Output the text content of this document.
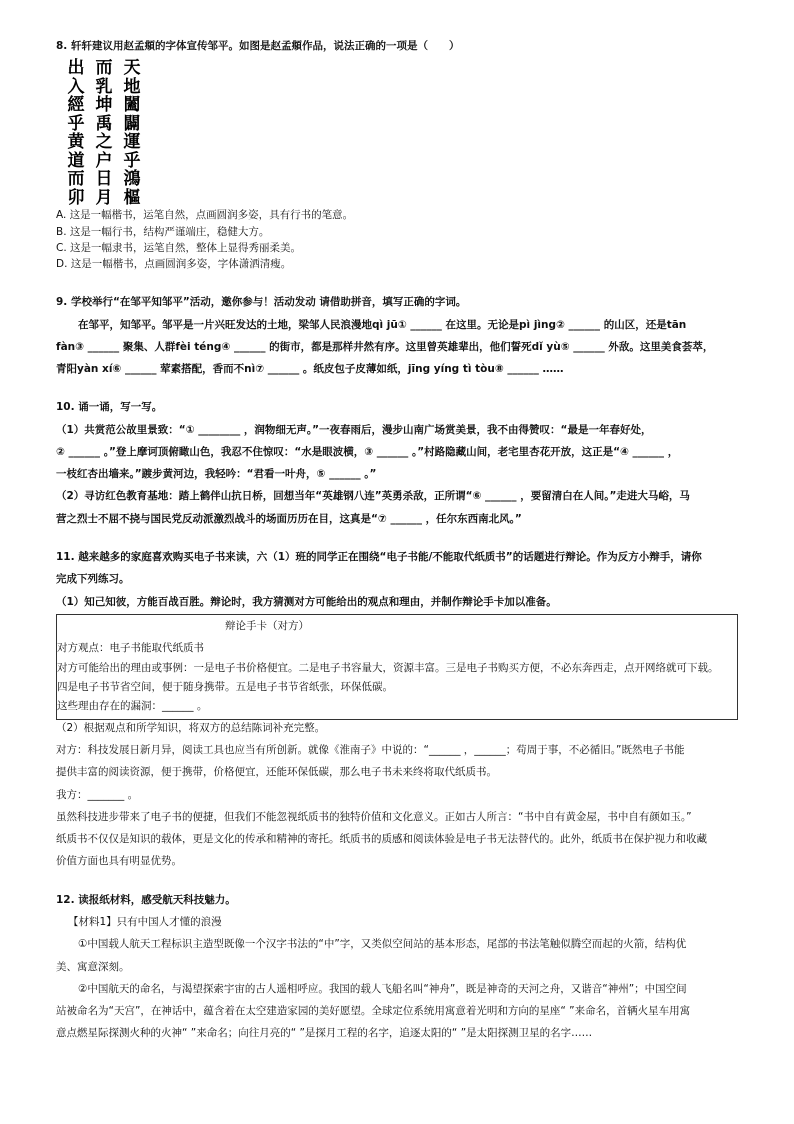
8. 轩轩建议用赵孟頫的字体宣传邹平。如图是赵孟頫作品，说法正确的一项是（　　）

天
地
闔
闢
運
乎
鴻
樞
而
乳
坤
禹
之
户
日
月
出
入
經
乎
黄
道
而
卯

A. 这是一幅楷书，运笔自然，点画圆润多姿，具有行书的笔意。

B. 这是一幅行书，结构严谨端庄，稳健大方。

C. 这是一幅隶书，运笔自然，整体上显得秀丽柔美。

D. 这是一幅楷书，点画圆润多姿，字体潇洒清瘦。

9. 学校举行“在邹平知邹平”活动，邀你参与！活动发动 请借助拼音，填写正确的字词。

在邹平，知邹平。邹平是一片兴旺发达的土地，梁邹人民浪漫地qì jū① ______ 在这里。无论是pì jìng② ______ 的山区，还是tān

fàn③ ______ 聚集、人群fèi téng④ ______ 的街市，都是那样井然有序。这里曾英雄辈出，他们誓死dǐ yù⑤ ______ 外敌。这里美食荟萃，

青阳yàn xí⑥ ______ 荤素搭配，香而不nì⑦ ______ 。纸皮包子皮薄如纸，jīng yíng tì tòu⑧ ______ ……

10. 诵一诵，写一写。

（1）共赏范公故里景致：“① ________ ，润物细无声。”一夜春雨后，漫步山南广场赏美景，我不由得赞叹：“最是一年春好处，

② ______ 。”登上摩诃顶俯瞰山色，我忍不住惊叹：“水是眼波横，③ ______ 。”村路隐藏山间，老宅里杏花开放，这正是“④ ______ ，

一枝红杏出墙来。”踱步黄河边，我轻吟：“君看一叶舟，⑤ ______ 。”

（2）寻访红色教育基地：踏上鹤伴山抗日桥，回想当年“英雄钢八连”英勇杀敌，正所谓“⑥ ______ ，要留清白在人间。”走进大马峪，马

营之烈士不屈不挠与国民党反动派激烈战斗的场面历历在目，这真是“⑦ ______ ，任尔东西南北风。”

11. 越来越多的家庭喜欢购买电子书来读，六（1）班的同学正在围绕“电子书能/不能取代纸质书”的话题进行辩论。作为反方小辩手，请你

完成下列练习。

（1）知己知彼，方能百战百胜。辩论时，我方猜测对方可能给出的观点和理由，并制作辩论手卡加以准备。

辩论手卡（对方）

对方观点：电子书能取代纸质书

对方可能给出的理由或事例：一是电子书价格便宜。二是电子书容量大，资源丰富。三是电子书购买方便，不必东奔西走，点开网络就可下载。

四是电子书节省空间，便于随身携带。五是电子书节省纸张，环保低碳。

这些理由存在的漏洞：______ 。

（2）根据观点和所学知识，将双方的总结陈词补充完整。

对方：科技发展日新月异，阅读工具也应当有所创新。就像《淮南子》中说的：“______ ，______；苟周于事，不必循旧。”既然电子书能

提供丰富的阅读资源，便于携带，价格便宜，还能环保低碳，那么电子书未来终将取代纸质书。

我方：_______ 。

虽然科技进步带来了电子书的便捷，但我们不能忽视纸质书的独特价值和文化意义。正如古人所言：“书中自有黄金屋，书中自有颜如玉。”

纸质书不仅仅是知识的载体，更是文化的传承和精神的寄托。纸质书的质感和阅读体验是电子书无法替代的。此外，纸质书在保护视力和收藏

价值方面也具有明显优势。

12. 读报纸材料，感受航天科技魅力。

【材料1】只有中国人才懂的浪漫

①中国载人航天工程标识主造型既像一个汉字书法的“中”字，又类似空间站的基本形态，尾部的书法笔触似腾空而起的火箭，结构优

美、寓意深刻。

②中国航天的命名，与渴望探索宇宙的古人遥相呼应。我国的载人飞船名叫“神舟”，既是神奇的天河之舟，又谐音“神州”；中国空间

站被命名为“天宫”，在神话中，蕴含着在太空建造家园的美好愿望。全球定位系统用寓意着光明和方向的星座“ ”来命名，首辆火星车用寓

意点燃星际探测火种的火神“ ”来命名；向往月亮的“ ”是探月工程的名字，追逐太阳的“ ”是太阳探测卫星的名字……
